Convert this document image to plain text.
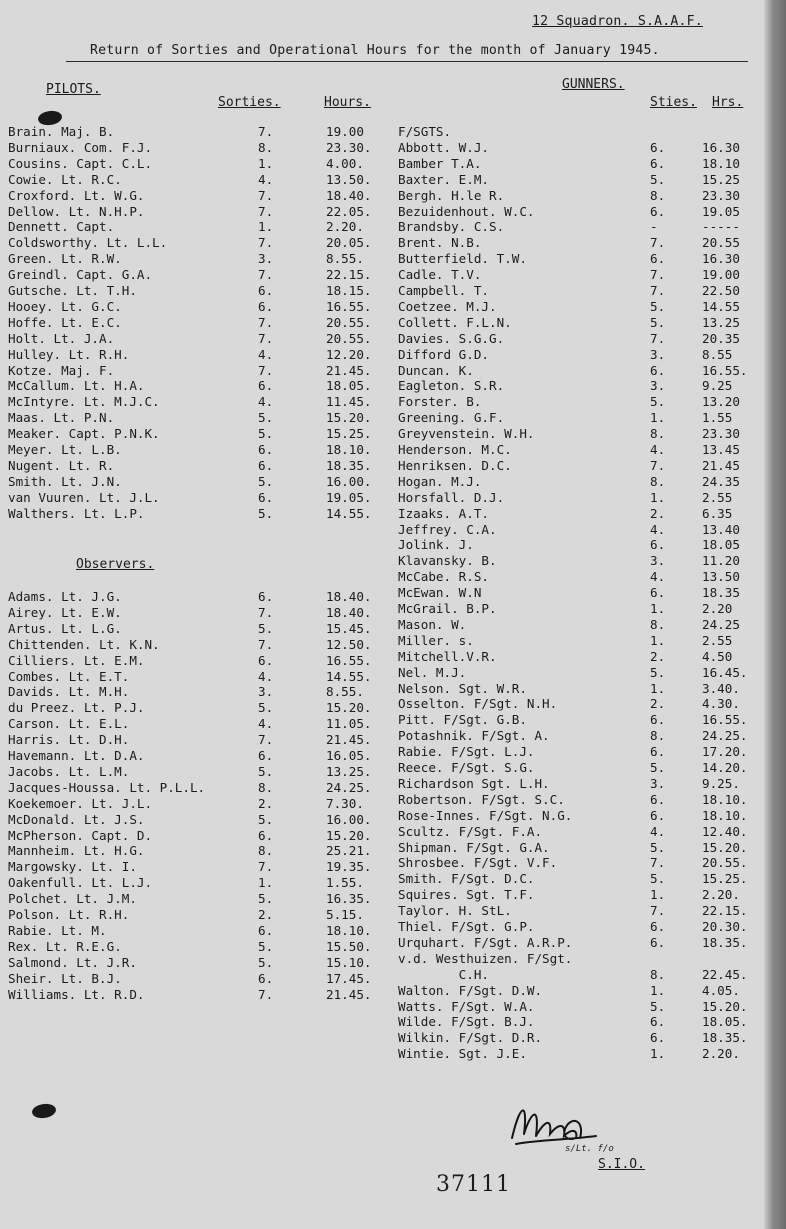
12 Squadron. S.A.A.F.
Return of Sorties and Operational Hours for the month of January 1945.
PILOTS.
Sorties.	Hours.
GUNNERS.
Sties. Hrs.
Observers.
Brain. Maj. B.	7.	19.00
Burniaux. Com. F.J.	8.	23.30.
Cousins. Capt. C.L.	1.	4.00.
Cowie. Lt. R.C.	4.	13.50.
Croxford. Lt. W.G.	7.	18.40.
Dellow. Lt. N.H.P.	7.	22.05.
Dennett. Capt.	1.	2.20.
Coldsworthy. Lt. L.L.	7.	20.05.
Green. Lt. R.W.	3.	8.55.
Greindl. Capt. G.A.	7.	22.15.
Gutsche. Lt. T.H.	6.	18.15.
Hooey. Lt. G.C.	6.	16.55.
Hoffe. Lt. E.C.	7.	20.55.
Holt. Lt. J.A.	7.	20.55.
Hulley. Lt. R.H.	4.	12.20.
Kotze. Maj. F.	7.	21.45.
McCallum. Lt. H.A.	6.	18.05.
McIntyre. Lt. M.J.C.	4.	11.45.
Maas. Lt. P.N.	5.	15.20.
Meaker. Capt. P.N.K.	5.	15.25.
Meyer. Lt. L.B.	6.	18.10.
Nugent. Lt. R.	6.	18.35.
Smith. Lt. J.N.	5.	16.00.
van Vuuren. Lt. J.L.	6.	19.05.
Walthers. Lt. L.P.	5.	14.55.
Adams. Lt. J.G.	6.	18.40.
Airey. Lt. E.W.	7.	18.40.
Artus. Lt. L.G.	5.	15.45.
Chittenden. Lt. K.N.	7.	12.50.
Cilliers. Lt. E.M.	6.	16.55.
Combes. Lt. E.T.	4.	14.55.
Davids. Lt. M.H.	3.	8.55.
du Preez. Lt. P.J.	5.	15.20.
Carson. Lt. E.L.	4.	11.05.
Harris. Lt. D.H.	7.	21.45.
Havemann. Lt. D.A.	6.	16.05.
Jacobs. Lt. L.M.	5.	13.25.
Jacques-Houssa. Lt. P.L.L.	8.	24.25.
Koekemoer. Lt. J.L.	2.	7.30.
McDonald. Lt. J.S.	5.	16.00.
McPherson. Capt. D.	6.	15.20.
Mannheim. Lt. H.G.	8.	25.21.
Margowsky. Lt. I.	7.	19.35.
Oakenfull. Lt. L.J.	1.	1.55.
Polchet. Lt. J.M.	5.	16.35.
Polson. Lt. R.H.	2.	5.15.
Rabie. Lt. M.	6.	18.10.
Rex. Lt. R.E.G.	5.	15.50.
Salmond. Lt. J.R.	5.	15.10.
Sheir. Lt. B.J.	6.	17.45.
Williams. Lt. R.D.	7.	21.45.
F/SGTS.
Abbott. W.J.	6.	16.30
Bamber T.A.	6.	18.10
Baxter. E.M.	5.	15.25
Bergh. H.le R.	8.	23.30
Bezuidenhout. W.C.	6.	19.05
Brandsby. C.S.	-	-----
Brent. N.B.	7.	20.55
Butterfield. T.W.	6.	16.30
Cadle. T.V.	7.	19.00
Campbell. T.	7.	22.50
Coetzee. M.J.	5.	14.55
Collett. F.L.N.	5.	13.25
Davies. S.G.G.	7.	20.35
Difford G.D.	3.	8.55
Duncan. K.	6.	16.55.
Eagleton. S.R.	3.	9.25
Forster. B.	5.	13.20
Greening. G.F.	1.	1.55
Greyvenstein. W.H.	8.	23.30
Henderson. M.C.	4.	13.45
Henriksen. D.C.	7.	21.45
Hogan. M.J.	8.	24.35
Horsfall. D.J.	1.	2.55
Izaaks. A.T.	2.	6.35
Jeffrey. C.A.	4.	13.40
Jolink. J.	6.	18.05
Klavansky. B.	3.	11.20
McCabe. R.S.	4.	13.50
McEwan. W.N	6.	18.35
McGrail. B.P.	1.	2.20
Mason. W.	8.	24.25
Miller. s.	1.	2.55
Mitchell.V.R.	2.	4.50
Nel. M.J.	5.	16.45.
Nelson. Sgt. W.R.	1.	3.40.
Osselton. F/Sgt. N.H.	2.	4.30.
Pitt. F/Sgt. G.B.	6.	16.55.
Potashnik. F/Sgt. A.	8.	24.25.
Rabie. F/Sgt. L.J.	6.	17.20.
Reece. F/Sgt. S.G.	5.	14.20.
Richardson Sgt. L.H.	3.	9.25.
Robertson. F/Sgt. S.C.	6.	18.10.
Rose-Innes. F/Sgt. N.G.	6.	18.10.
Scultz. F/Sgt. F.A.	4.	12.40.
Shipman. F/Sgt. G.A.	5.	15.20.
Shrosbee. F/Sgt. V.F.	7.	20.55.
Smith. F/Sgt. D.C.	5.	15.25.
Squires. Sgt. T.F.	1.	2.20.
Taylor. H. StL.	7.	22.15.
Thiel. F/Sgt. G.P.	6.	20.30.
Urquhart. F/Sgt. A.R.P.	6.	18.35.
v.d. Westhuizen. F/Sgt.
C.H.	8.	22.45.
Walton. F/Sgt. D.W.	1.	4.05.
Watts. F/Sgt. W.A.	5.	15.20.
Wilde. F/Sgt. B.J.	6.	18.05.
Wilkin. F/Sgt. D.R.	6.	18.35.
Wintie. Sgt. J.E.	1.	2.20.
s/Lt. f/o
S.I.O.
37111
